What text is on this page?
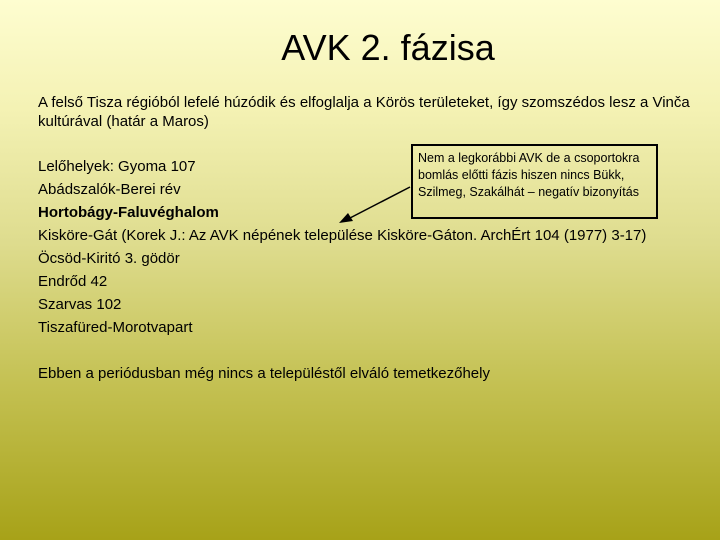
AVK 2. fázisa

A felső Tisza régióból lefelé húzódik és elfoglalja a Körös területeket, így szomszédos lesz a Vinča kultúrával (határ a Maros)

Lelőhelyek: Gyoma 107
Abádszalók-Berei rév
Hortobágy-Faluvéghalom
Kisköre-Gát (Korek J.: Az AVK népének települése Kisköre-Gáton. ArchÉrt 104 (1977) 3-17)
Öcsöd-Kiritó 3. gödör
Endrőd 42
Szarvas 102
Tiszafüred-Morotvapart

Nem a legkorábbi AVK de a csoportokra bomlás előtti fázis hiszen nincs Bükk, Szilmeg, Szakálhát – negatív bizonyítás

Ebben a periódusban még nincs a településtől elváló temetkezőhely
